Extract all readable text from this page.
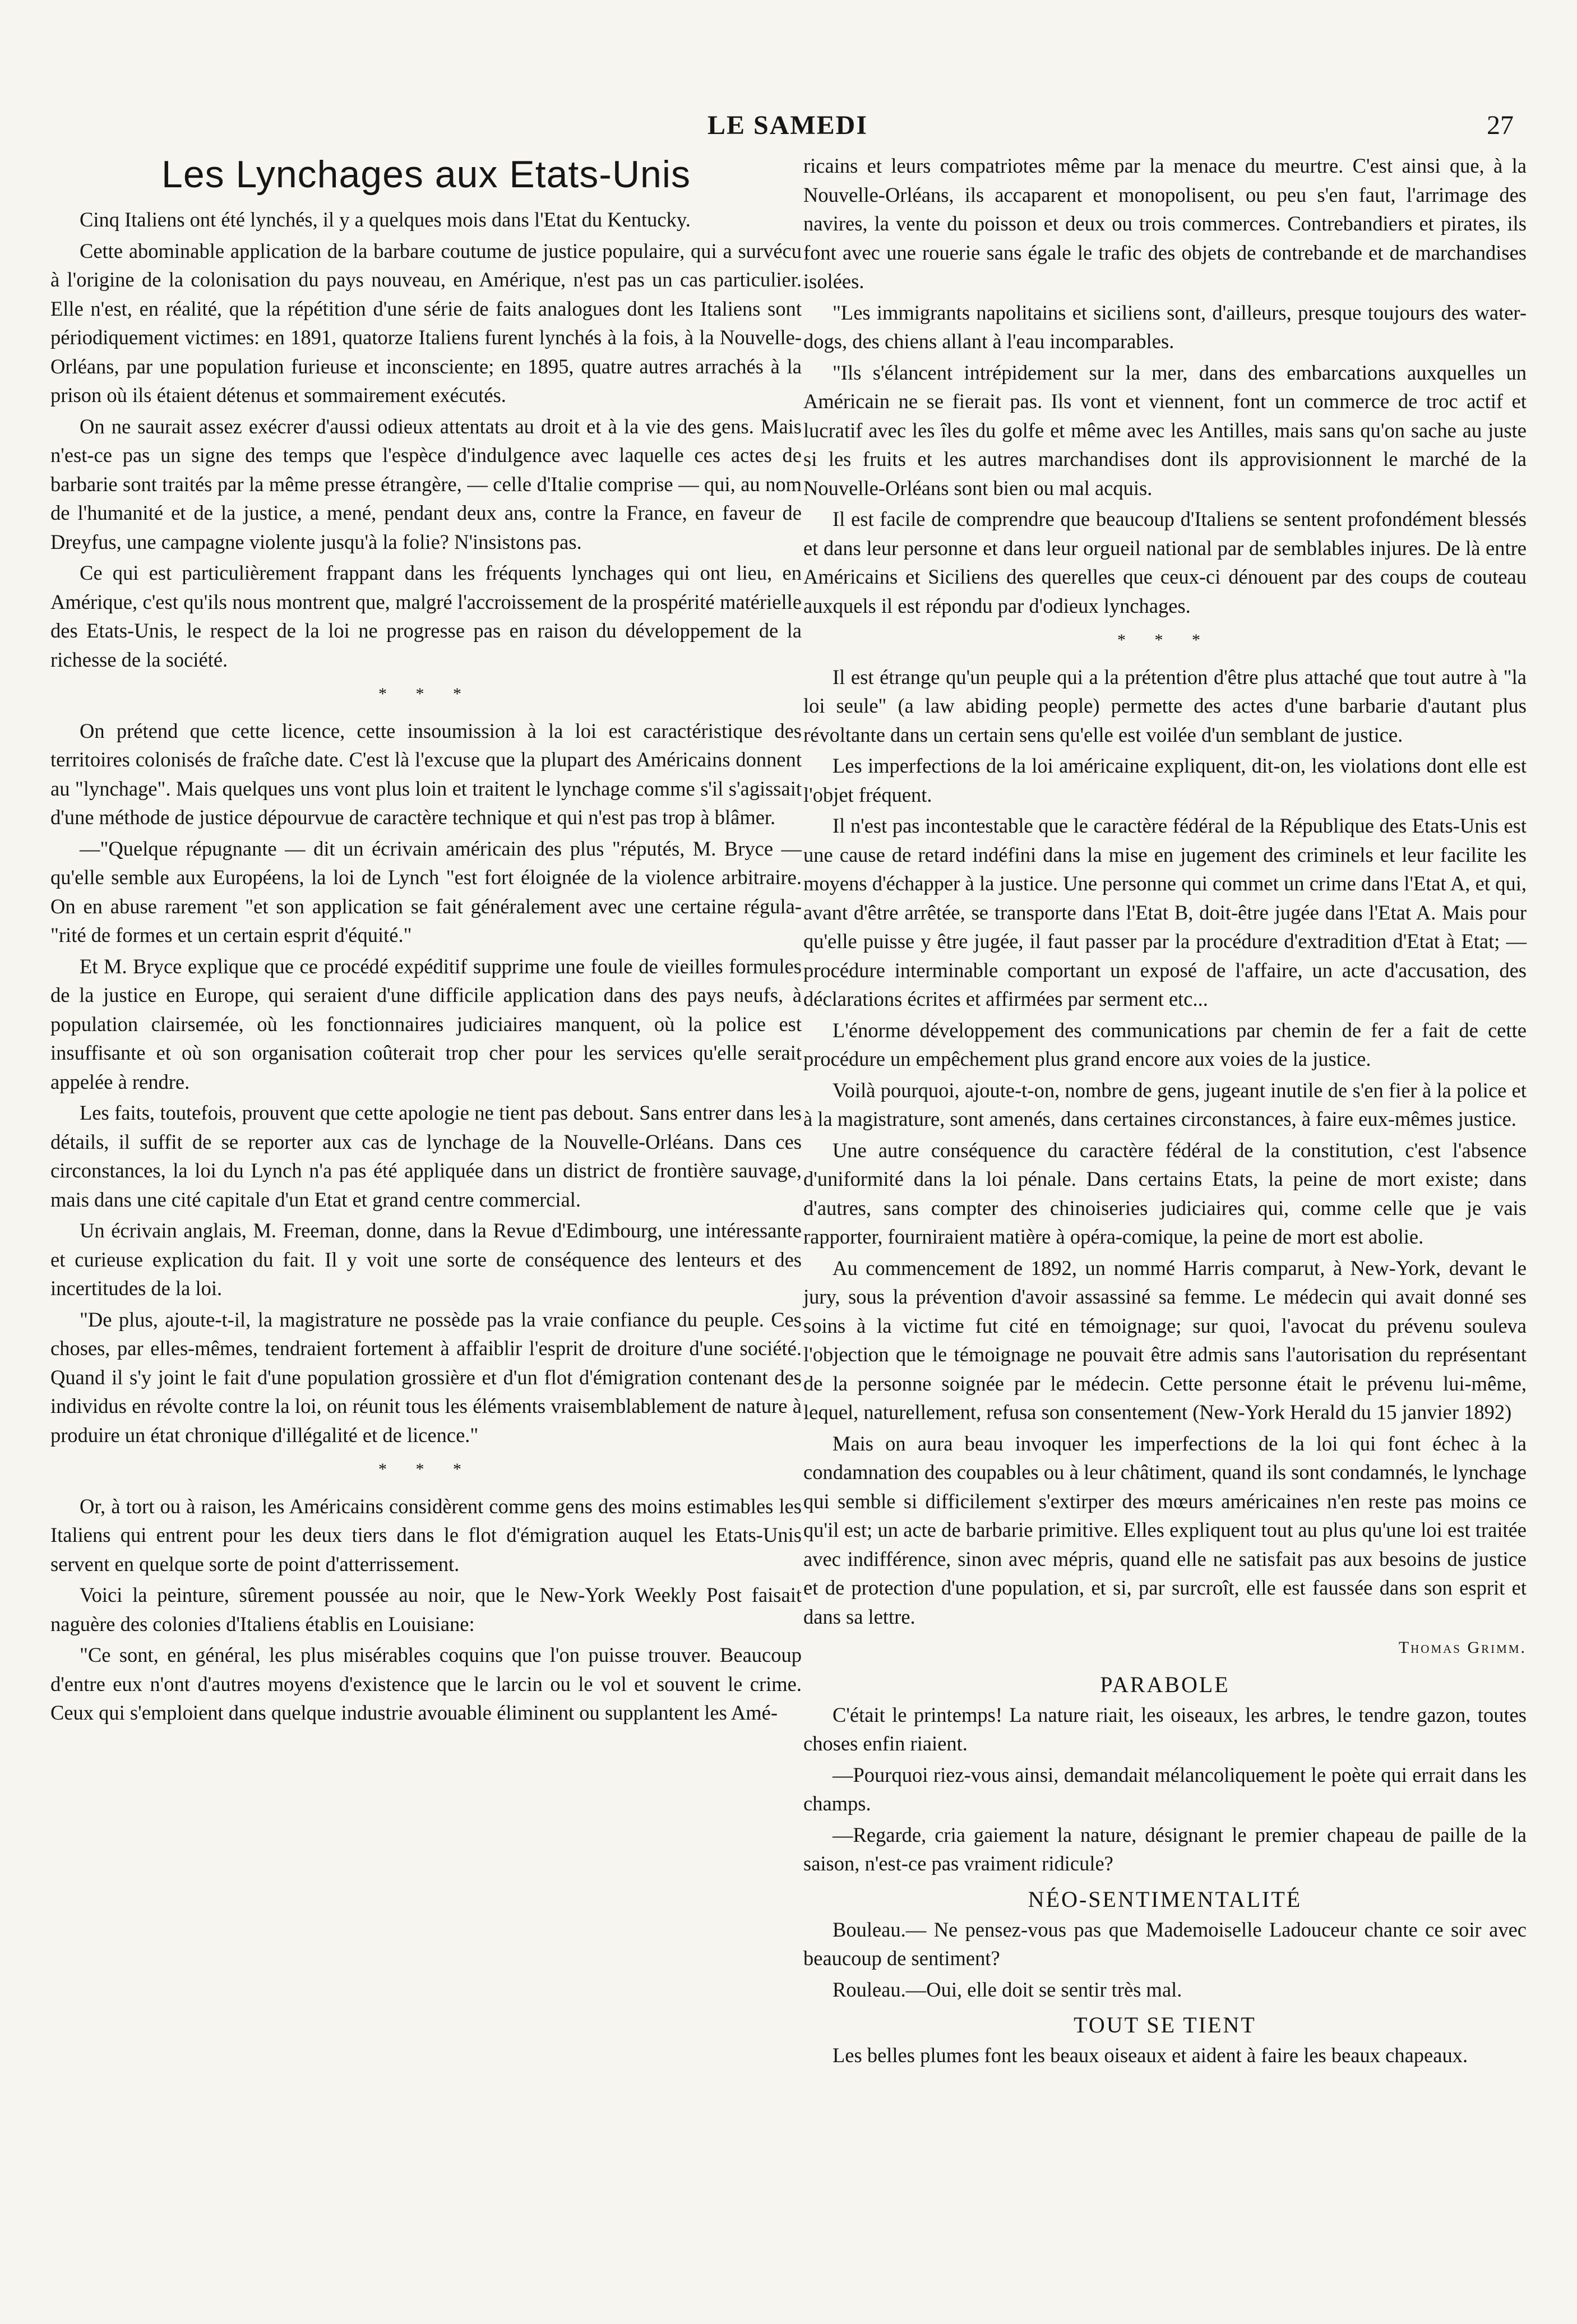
LE SAMEDI	27
Les Lynchages aux Etats-Unis

Cinq Italiens ont été lynchés, il y a quelques mois dans l'Etat du Kentucky.

Cette abominable application de la barbare coutume de justice populaire, qui a survécu à l'origine de la colonisation du pays nouveau, en Amérique, n'est pas un cas particulier. Elle n'est, en réalité, que la répétition d'une série de faits analogues dont les Italiens sont périodiquement victimes: en 1891, quatorze Italiens furent lynchés à la fois, à la Nouvelle-Orléans, par une population furieuse et inconsciente; en 1895, quatre autres arrachés à la prison où ils étaient détenus et sommairement exécutés.

On ne saurait assez exécrer d'aussi odieux attentats au droit et à la vie des gens. Mais n'est-ce pas un signe des temps que l'espèce d'indulgence avec laquelle ces actes de barbarie sont traités par la même presse étrangère, — celle d'Italie comprise — qui, au nom de l'humanité et de la justice, a mené, pendant deux ans, contre la France, en faveur de Dreyfus, une campagne violente jusqu'à la folie? N'insistons pas.

Ce qui est particulièrement frappant dans les fréquents lynchages qui ont lieu, en Amérique, c'est qu'ils nous montrent que, malgré l'accroissement de la prospérité matérielle des Etats-Unis, le respect de la loi ne progresse pas en raison du développement de la richesse de la société.

* * *

On prétend que cette licence, cette insoumission à la loi est caractéristique des territoires colonisés de fraîche date. C'est là l'excuse que la plupart des Américains donnent au "lynchage". Mais quelques uns vont plus loin et traitent le lynchage comme s'il s'agissait d'une méthode de justice dépourvue de caractère technique et qui n'est pas trop à blâmer.

—"Quelque répugnante — dit un écrivain américain des plus "réputés, M. Bryce — qu'elle semble aux Européens, la loi de Lynch "est fort éloignée de la violence arbitraire. On en abuse rarement "et son application se fait généralement avec une certaine régula-"rité de formes et un certain esprit d'équité."

Et M. Bryce explique que ce procédé expéditif supprime une foule de vieilles formules de la justice en Europe, qui seraient d'une difficile application dans des pays neufs, à population clairsemée, où les fonctionnaires judiciaires manquent, où la police est insuffisante et où son organisation coûterait trop cher pour les services qu'elle serait appelée à rendre.

Les faits, toutefois, prouvent que cette apologie ne tient pas debout. Sans entrer dans les détails, il suffit de se reporter aux cas de lynchage de la Nouvelle-Orléans. Dans ces circonstances, la loi du Lynch n'a pas été appliquée dans un district de frontière sauvage, mais dans une cité capitale d'un Etat et grand centre commercial.

Un écrivain anglais, M. Freeman, donne, dans la Revue d'Edimbourg, une intéressante et curieuse explication du fait. Il y voit une sorte de conséquence des lenteurs et des incertitudes de la loi.

"De plus, ajoute-t-il, la magistrature ne possède pas la vraie confiance du peuple. Ces choses, par elles-mêmes, tendraient fortement à affaiblir l'esprit de droiture d'une société. Quand il s'y joint le fait d'une population grossière et d'un flot d'émigration contenant des individus en révolte contre la loi, on réunit tous les éléments vraisemblablement de nature à produire un état chronique d'illégalité et de licence."

* * *

Or, à tort ou à raison, les Américains considèrent comme gens des moins estimables les Italiens qui entrent pour les deux tiers dans le flot d'émigration auquel les Etats-Unis servent en quelque sorte de point d'atterrissement.

Voici la peinture, sûrement poussée au noir, que le New-York Weekly Post faisait naguère des colonies d'Italiens établis en Louisiane:

"Ce sont, en général, les plus misérables coquins que l'on puisse trouver. Beaucoup d'entre eux n'ont d'autres moyens d'existence que le larcin ou le vol et souvent le crime. Ceux qui s'emploient dans quelque industrie avouable éliminent ou supplantent les Amé-

ricains et leurs compatriotes même par la menace du meurtre. C'est ainsi que, à la Nouvelle-Orléans, ils accaparent et monopolisent, ou peu s'en faut, l'arrimage des navires, la vente du poisson et deux ou trois commerces. Contrebandiers et pirates, ils font avec une rouerie sans égale le trafic des objets de contrebande et de marchandises isolées.

"Les immigrants napolitains et siciliens sont, d'ailleurs, presque toujours des water-dogs, des chiens allant à l'eau incomparables.

"Ils s'élancent intrépidement sur la mer, dans des embarcations auxquelles un Américain ne se fierait pas. Ils vont et viennent, font un commerce de troc actif et lucratif avec les îles du golfe et même avec les Antilles, mais sans qu'on sache au juste si les fruits et les autres marchandises dont ils approvisionnent le marché de la Nouvelle-Orléans sont bien ou mal acquis.

Il est facile de comprendre que beaucoup d'Italiens se sentent profondément blessés et dans leur personne et dans leur orgueil national par de semblables injures. De là entre Américains et Siciliens des querelles que ceux-ci dénouent par des coups de couteau auxquels il est répondu par d'odieux lynchages.

* * *

Il est étrange qu'un peuple qui a la prétention d'être plus attaché que tout autre à "la loi seule" (a law abiding people) permette des actes d'une barbarie d'autant plus révoltante dans un certain sens qu'elle est voilée d'un semblant de justice.

Les imperfections de la loi américaine expliquent, dit-on, les violations dont elle est l'objet fréquent.

Il n'est pas incontestable que le caractère fédéral de la République des Etats-Unis est une cause de retard indéfini dans la mise en jugement des criminels et leur facilite les moyens d'échapper à la justice. Une personne qui commet un crime dans l'Etat A, et qui, avant d'être arrêtée, se transporte dans l'Etat B, doit-être jugée dans l'Etat A. Mais pour qu'elle puisse y être jugée, il faut passer par la procédure d'extradition d'Etat à Etat; —procédure interminable comportant un exposé de l'affaire, un acte d'accusation, des déclarations écrites et affirmées par serment etc...

L'énorme développement des communications par chemin de fer a fait de cette procédure un empêchement plus grand encore aux voies de la justice.

Voilà pourquoi, ajoute-t-on, nombre de gens, jugeant inutile de s'en fier à la police et à la magistrature, sont amenés, dans certaines circonstances, à faire eux-mêmes justice.

Une autre conséquence du caractère fédéral de la constitution, c'est l'absence d'uniformité dans la loi pénale. Dans certains Etats, la peine de mort existe; dans d'autres, sans compter des chinoiseries judiciaires qui, comme celle que je vais rapporter, fourniraient matière à opéra-comique, la peine de mort est abolie.

Au commencement de 1892, un nommé Harris comparut, à New-York, devant le jury, sous la prévention d'avoir assassiné sa femme. Le médecin qui avait donné ses soins à la victime fut cité en témoignage; sur quoi, l'avocat du prévenu souleva l'objection que le témoignage ne pouvait être admis sans l'autorisation du représentant de la personne soignée par le médecin. Cette personne était le prévenu lui-même, lequel, naturellement, refusa son consentement (New-York Herald du 15 janvier 1892)

Mais on aura beau invoquer les imperfections de la loi qui font échec à la condamnation des coupables ou à leur châtiment, quand ils sont condamnés, le lynchage qui semble si difficilement s'extirper des mœurs américaines n'en reste pas moins ce qu'il est; un acte de barbarie primitive. Elles expliquent tout au plus qu'une loi est traitée avec indifférence, sinon avec mépris, quand elle ne satisfait pas aux besoins de justice et de protection d'une population, et si, par surcroît, elle est faussée dans son esprit et dans sa lettre.

Thomas Grimm.
PARABOLE

C'était le printemps! La nature riait, les oiseaux, les arbres, le tendre gazon, toutes choses enfin riaient.

—Pourquoi riez-vous ainsi, demandait mélancoliquement le poète qui errait dans les champs.

—Regarde, cria gaiement la nature, désignant le premier chapeau de paille de la saison, n'est-ce pas vraiment ridicule?

NÉO-SENTIMENTALITÉ

Bouleau.— Ne pensez-vous pas que Mademoiselle Ladouceur chante ce soir avec beaucoup de sentiment?

Rouleau.—Oui, elle doit se sentir très mal.

TOUT SE TIENT

Les belles plumes font les beaux oiseaux et aident à faire les beaux chapeaux.
